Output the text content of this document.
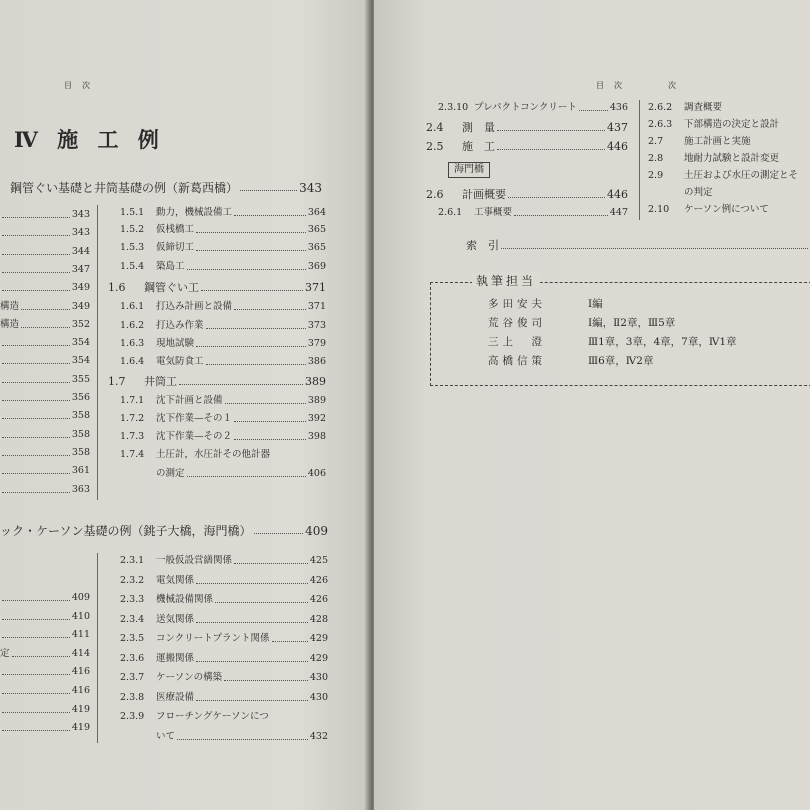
目　次
Ⅳ 施 工 例
鋼管ぐい基礎と井筒基礎の例（新葛西橋）	343
343
343
344
347
349
構造	349
構造	352
354
354
355
356
358
358
358
361
363
1.5.1	動力，機械設備工	364
1.5.2	仮桟橋工	365
1.5.3	仮締切工	365
1.5.4	築島工	369
1.6	鋼管ぐい工	371
1.6.1	打込み計画と設備	371
1.6.2	打込み作業	373
1.6.3	現地試験	379
1.6.4	電気防食工	386
1.7	井筒工	389
1.7.1	沈下計画と設備	389
1.7.2	沈下作業—その１	392
1.7.3	沈下作業—その２	398
1.7.4	土圧計，水圧計その他計器
の測定	406
ック・ケーソン基礎の例（銚子大橋，海門橋）	409
409
410
411
定	414
416
416
419
419
2.3.1	一般仮設営繕関係	425
2.3.2	電気関係	426
2.3.3	機械設備関係	426
2.3.4	送気関係	428
2.3.5	コンクリートプラント関係	429
2.3.6	運搬関係	429
2.3.7	ケーソンの構築	430
2.3.8	医療設備	430
2.3.9	フローチングケーソンにつ
いて	432
目　次	次
2.3.10 プレパクトコンクリート	436
2.4	測　量	437
2.5	施　工	446
海門橋
2.6	計画概要	446
2.6.1	工事概要	447
2.6.2	調査概要
2.6.3	下部構造の決定と設計
2.7	施工計画と実施
2.8	地耐力試験と設計変更
2.9	土圧および水圧の測定とそ
の判定
2.10	ケーソン例について
索　引
執筆担当
多田安夫	Ⅰ編
荒谷俊司	Ⅰ編，Ⅱ2章，Ⅲ5章
三上　澄	Ⅲ1章，3章，4章，7章，Ⅳ1章
高橋信策	Ⅲ6章，Ⅳ2章
